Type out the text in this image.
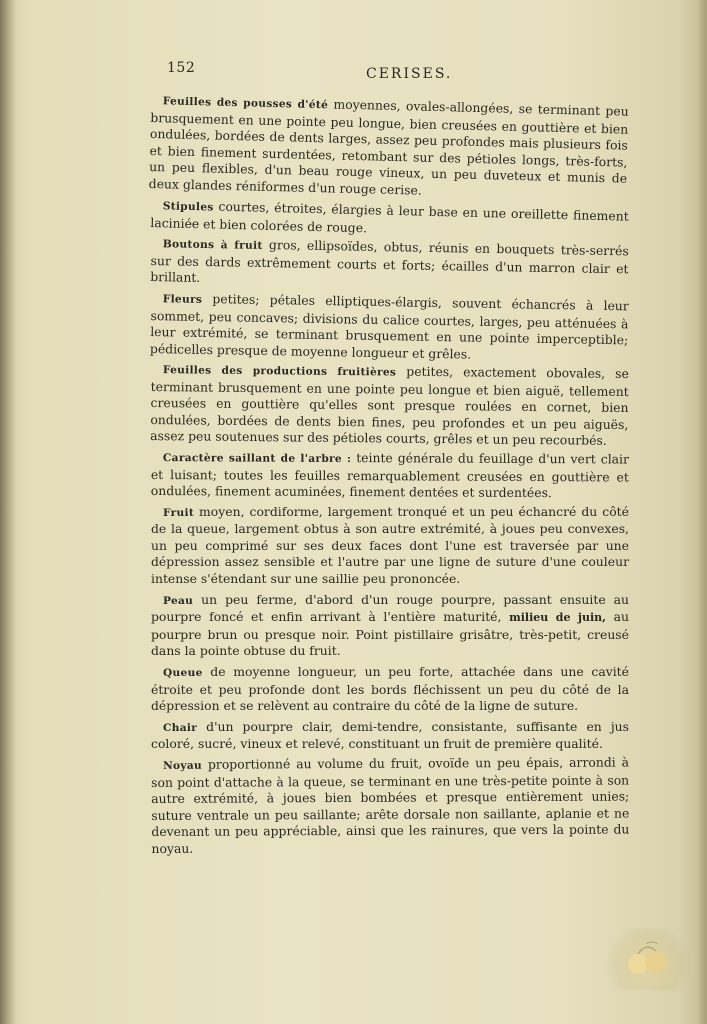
152	CERISES.

Feuilles des pousses d'été moyennes, ovales-allongées, se terminant peu brusquement en une pointe peu longue, bien creusées en gouttière et bien ondulées, bordées de dents larges, assez peu profondes mais plusieurs fois et bien finement surdentées, retombant sur des pétioles longs, très-forts, un peu flexibles, d'un beau rouge vineux, un peu duveteux et munis de deux glandes réniformes d'un rouge cerise.

Stipules courtes, étroites, élargies à leur base en une oreillette finement laciniée et bien colorées de rouge.

Boutons à fruit gros, ellipsoïdes, obtus, réunis en bouquets très-serrés sur des dards extrêmement courts et forts; écailles d'un marron clair et brillant.

Fleurs petites; pétales elliptiques-élargis, souvent échancrés à leur sommet, peu concaves; divisions du calice courtes, larges, peu atténuées à leur extrémité, se terminant brusquement en une pointe imperceptible; pédicelles presque de moyenne longueur et grêles.

Feuilles des productions fruitières petites, exactement obovales, se terminant brusquement en une pointe peu longue et bien aiguë, tellement creusées en gouttière qu'elles sont presque roulées en cornet, bien ondulées, bordées de dents bien fines, peu profondes et un peu aiguës, assez peu soutenues sur des pétioles courts, grêles et un peu recourbés.

Caractère saillant de l'arbre : teinte générale du feuillage d'un vert clair et luisant; toutes les feuilles remarquablement creusées en gouttière et ondulées, finement acuminées, finement dentées et surdentées.

Fruit moyen, cordiforme, largement tronqué et un peu échancré du côté de la queue, largement obtus à son autre extrémité, à joues peu convexes, un peu comprimé sur ses deux faces dont l'une est traversée par une dépression assez sensible et l'autre par une ligne de suture d'une couleur intense s'étendant sur une saillie peu prononcée.

Peau un peu ferme, d'abord d'un rouge pourpre, passant ensuite au pourpre foncé et enfin arrivant à l'entière maturité, milieu de juin, au pourpre brun ou presque noir. Point pistillaire grisâtre, très-petit, creusé dans la pointe obtuse du fruit.

Queue de moyenne longueur, un peu forte, attachée dans une cavité étroite et peu profonde dont les bords fléchissent un peu du côté de la dépression et se relèvent au contraire du côté de la ligne de suture.

Chair d'un pourpre clair, demi-tendre, consistante, suffisante en jus coloré, sucré, vineux et relevé, constituant un fruit de première qualité.

Noyau proportionné au volume du fruit, ovoïde un peu épais, arrondi à son point d'attache à la queue, se terminant en une très-petite pointe à son autre extrémité, à joues bien bombées et presque entièrement unies; suture ventrale un peu saillante; arête dorsale non saillante, aplanie et ne devenant un peu appréciable, ainsi que les rainures, que vers la pointe du noyau.
